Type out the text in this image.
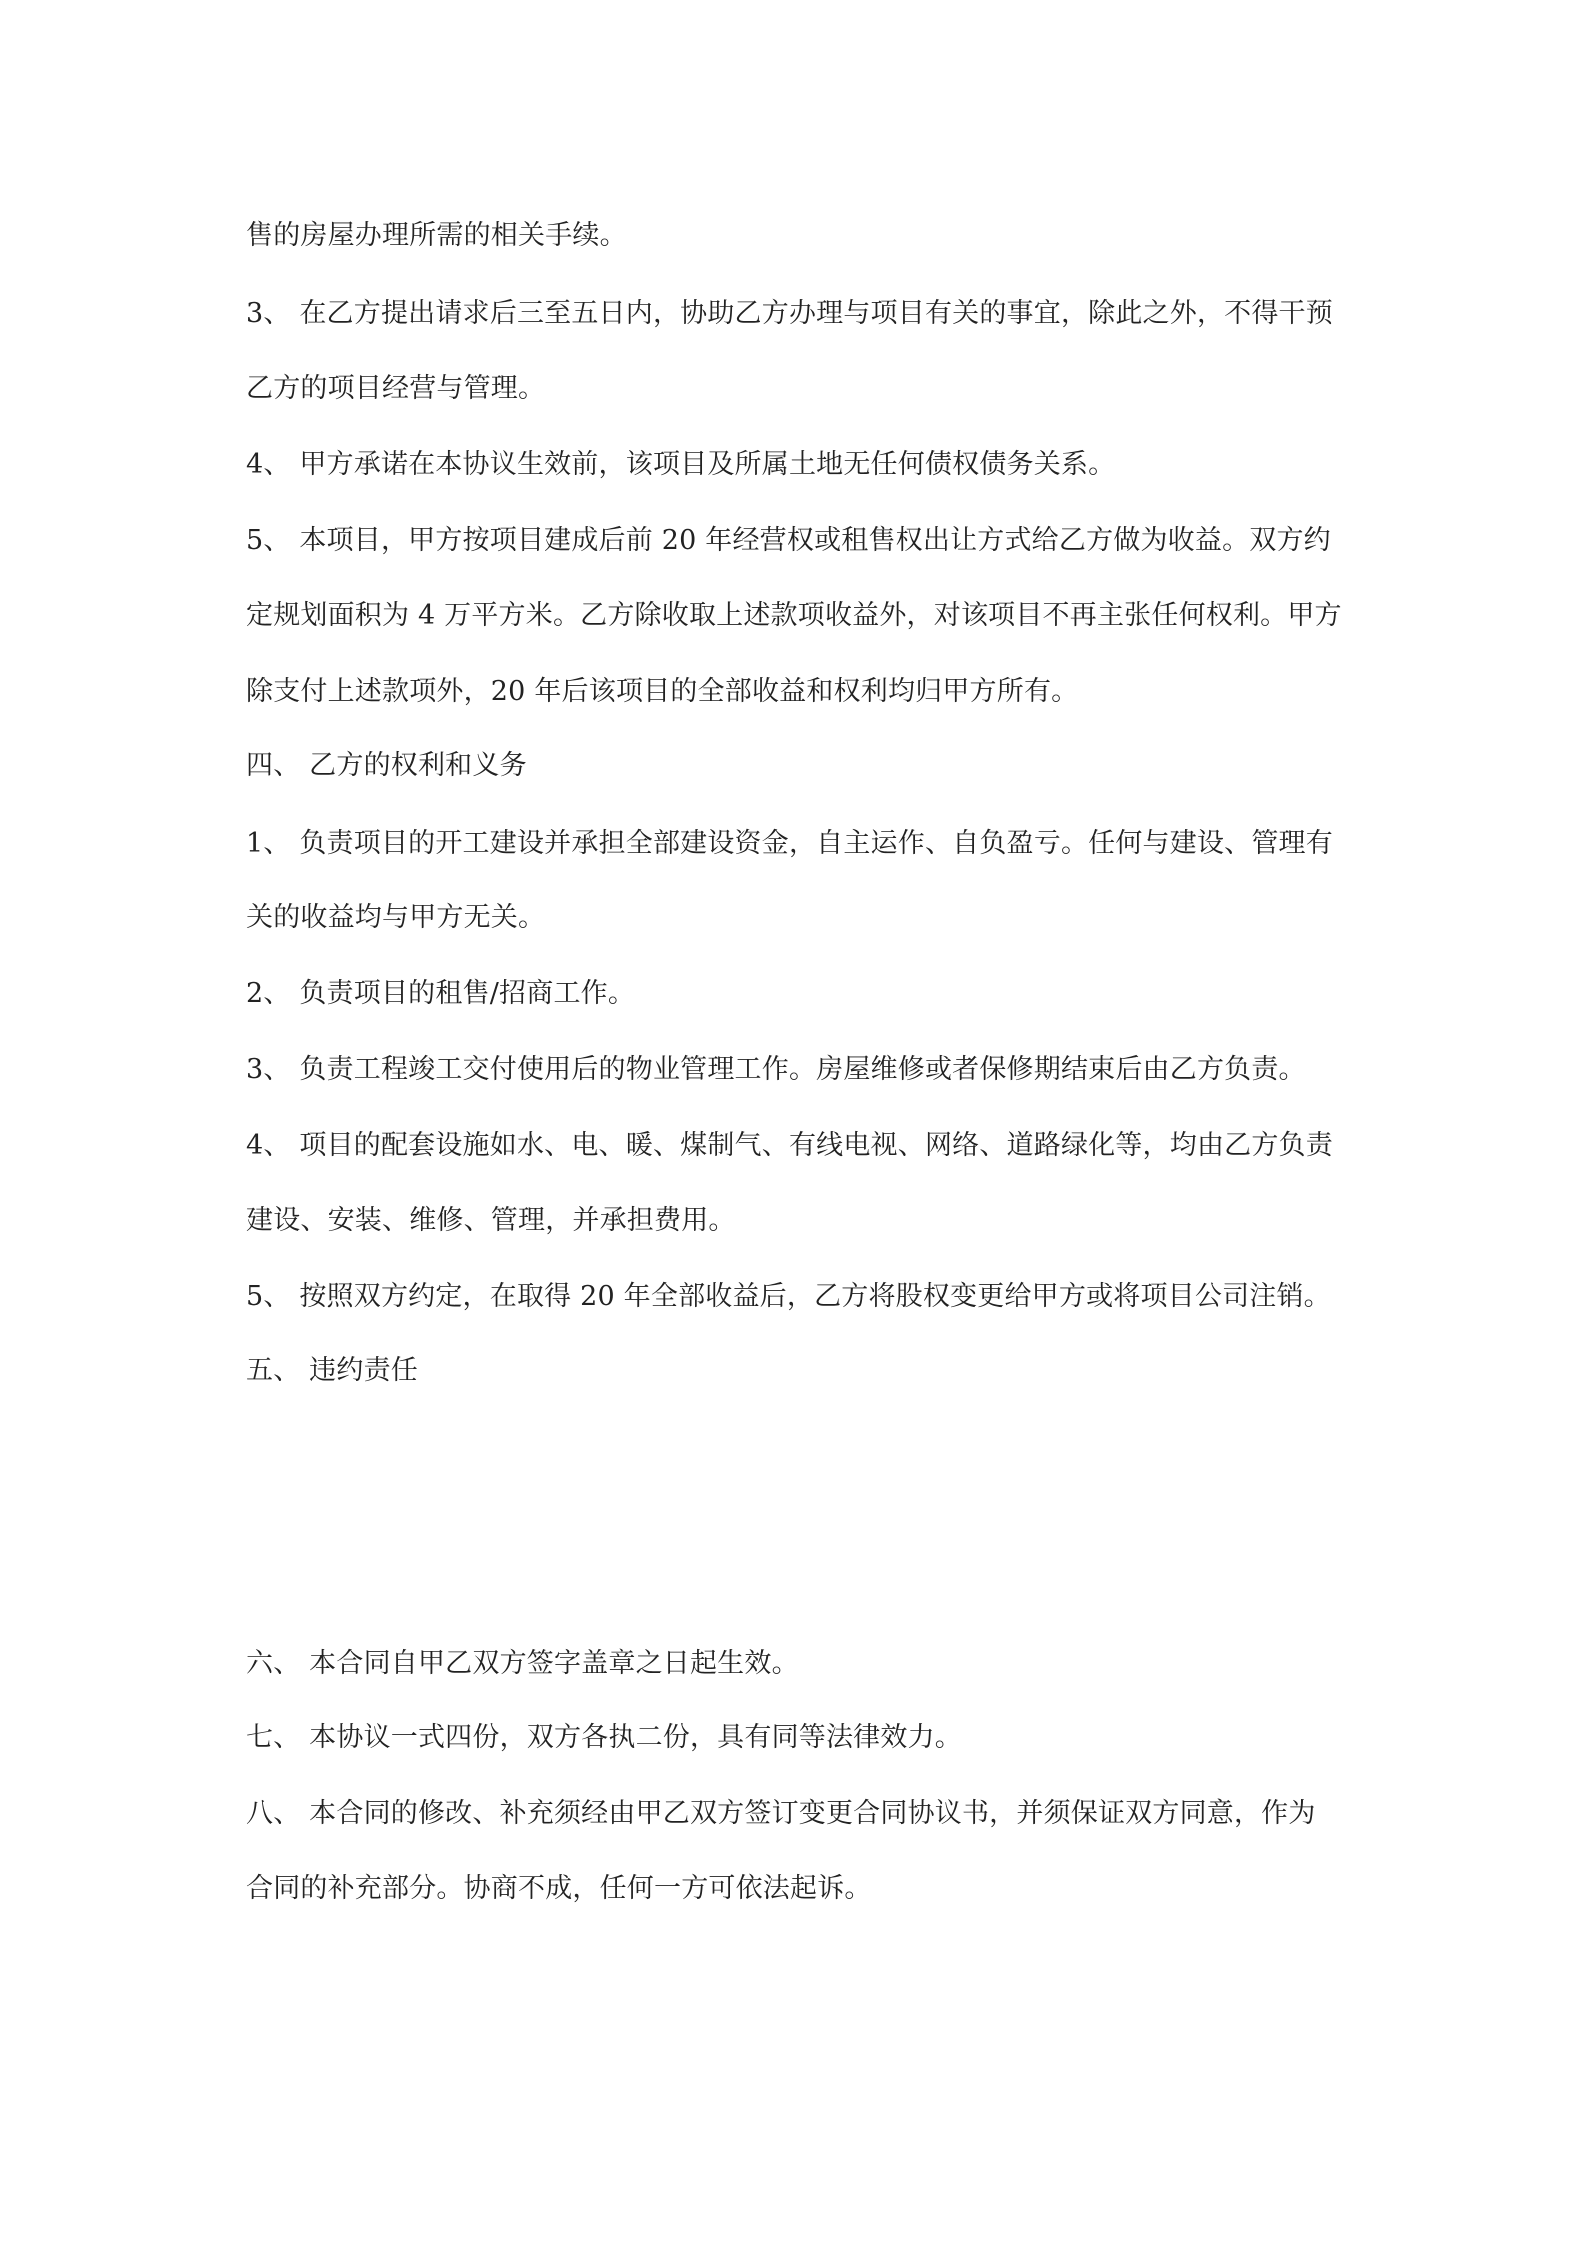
售的房屋办理所需的相关手续。
3、 在乙方提出请求后三至五日内，协助乙方办理与项目有关的事宜，除此之外，不得干预
乙方的项目经营与管理。
4、 甲方承诺在本协议生效前，该项目及所属土地无任何债权债务关系。
5、 本项目，甲方按项目建成后前 20 年经营权或租售权出让方式给乙方做为收益。双方约
定规划面积为 4 万平方米。乙方除收取上述款项收益外，对该项目不再主张任何权利。甲方
除支付上述款项外，20 年后该项目的全部收益和权利均归甲方所有。
四、 乙方的权利和义务
1、 负责项目的开工建设并承担全部建设资金，自主运作、自负盈亏。任何与建设、管理有
关的收益均与甲方无关。
2、 负责项目的租售/招商工作。
3、 负责工程竣工交付使用后的物业管理工作。房屋维修或者保修期结束后由乙方负责。
4、 项目的配套设施如水、电、暖、煤制气、有线电视、网络、道路绿化等，均由乙方负责
建设、安装、维修、管理，并承担费用。
5、 按照双方约定，在取得 20 年全部收益后，乙方将股权变更给甲方或将项目公司注销。
五、 违约责任
六、 本合同自甲乙双方签字盖章之日起生效。
七、 本协议一式四份，双方各执二份，具有同等法律效力。
八、 本合同的修改、补充须经由甲乙双方签订变更合同协议书，并须保证双方同意，作为
合同的补充部分。协商不成，任何一方可依法起诉。
